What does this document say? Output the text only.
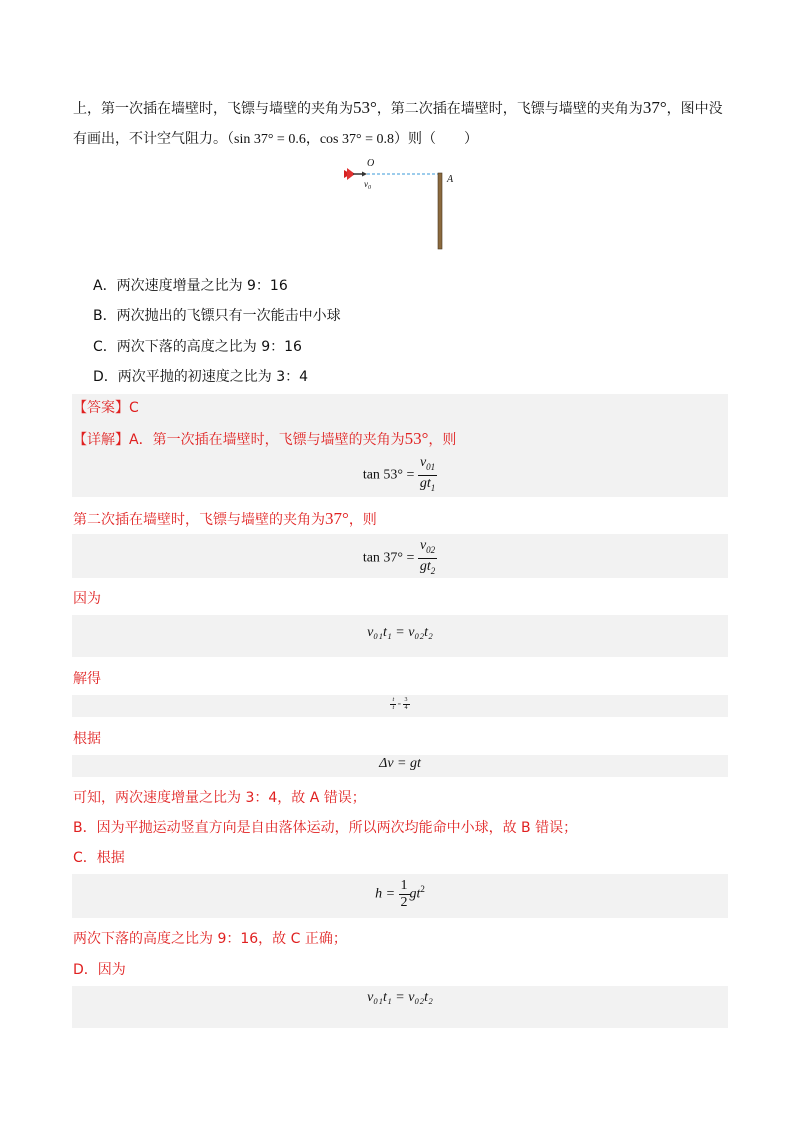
上，第一次插在墙壁时，飞镖与墙壁的夹角为53°，第二次插在墙壁时，飞镖与墙壁的夹角为37°，图中没
有画出，不计空气阻力。（sin 37° = 0.6，cos 37° = 0.8）则（　　）
O
$v_0$
A
A．两次速度增量之比为 9：16
B．两次抛出的飞镖只有一次能击中小球
C．两次下落的高度之比为 9：16
D．两次平抛的初速度之比为 3：4
【答案】C
【详解】A．第一次插在墙壁时，飞镖与墙壁的夹角为53°，则
$\tan 53^\circ = \frac{v_{01}}{gt_1}$
第二次插在墙壁时，飞镖与墙壁的夹角为37°，则
$\tan 37^\circ = \frac{v_{02}}{gt_2}$
因为
v₀₁t₁ = v₀₂t₂
解得
$\frac{t}{t} = \frac{3}{4}$
根据
Δv = gt
可知，两次速度增量之比为 3：4，故 A 错误；
B．因为平抛运动竖直方向是自由落体运动，所以两次均能命中小球，故 B 错误；
C．根据
$h = \frac{1}{2} gt^2$
两次下落的高度之比为 9：16，故 C 正确；
D．因为
v₀₁t₁ = v₀₂t₂
